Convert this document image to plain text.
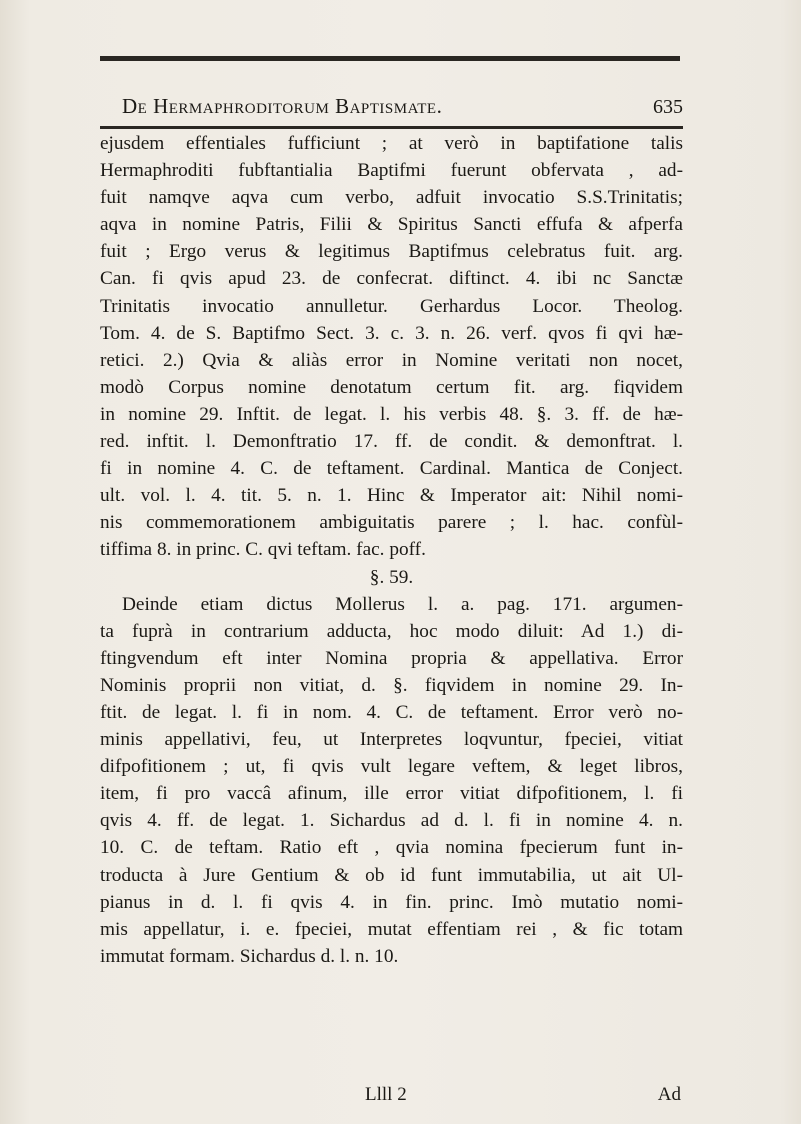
De Hermaphroditorum Baptismate.	635
ejusdem effentiales fufficiunt ; at verò in baptifatione talis
Hermaphroditi fubftantialia Baptifmi fuerunt obfervata , ad-
fuit namqve aqva cum verbo, adfuit invocatio S.S.Trinitatis;
aqva in nomine Patris, Filii & Spiritus Sancti effufa & afperfa
fuit ; Ergo verus & legitimus Baptifmus celebratus fuit. arg.
Can. fi qvis apud 23. de confecrat. diftinct. 4. ibi nc Sanctæ
Trinitatis invocatio annulletur. Gerhardus Locor. Theolog.
Tom. 4. de S. Baptifmo Sect. 3. c. 3. n. 26. verf. qvos fi qvi hæ-
retici. 2.) Qvia & aliàs error in Nomine veritati non nocet,
modò Corpus nomine denotatum certum fit. arg. fiqvidem
in nomine 29. Inftit. de legat. l. his verbis 48. §. 3. ff. de hæ-
red. inftit. l. Demonftratio 17. ff. de condit. & demonftrat. l.
fi in nomine 4. C. de teftament. Cardinal. Mantica de Conject.
ult. vol. l. 4. tit. 5. n. 1. Hinc & Imperator ait: Nihil nomi-
nis commemorationem ambiguitatis parere ; l. hac. confùl-
tiffima 8. in princ. C. qvi teftam. fac. poff.
§. 59.
Deinde etiam dictus Mollerus l. a. pag. 171. argumen-
ta fuprà in contrarium adducta, hoc modo diluit: Ad 1.) di-
ftingvendum eft inter Nomina propria & appellativa. Error
Nominis proprii non vitiat, d. §. fiqvidem in nomine 29. In-
ftit. de legat. l. fi in nom. 4. C. de teftament. Error verò no-
minis appellativi, feu, ut Interpretes loqvuntur, fpeciei, vitiat
difpofitionem ; ut, fi qvis vult legare veftem, & leget libros,
item, fi pro vaccâ afinum, ille error vitiat difpofitionem, l. fi
qvis 4. ff. de legat. 1. Sichardus ad d. l. fi in nomine 4. n.
10. C. de teftam. Ratio eft , qvia nomina fpecierum funt in-
troducta à Jure Gentium & ob id funt immutabilia, ut ait Ul-
pianus in d. l. fi qvis 4. in fin. princ. Imò mutatio nomi-
mis appellatur, i. e. fpeciei, mutat effentiam rei , & fic totam
immutat formam. Sichardus d. l. n. 10.
Llll 2	Ad
